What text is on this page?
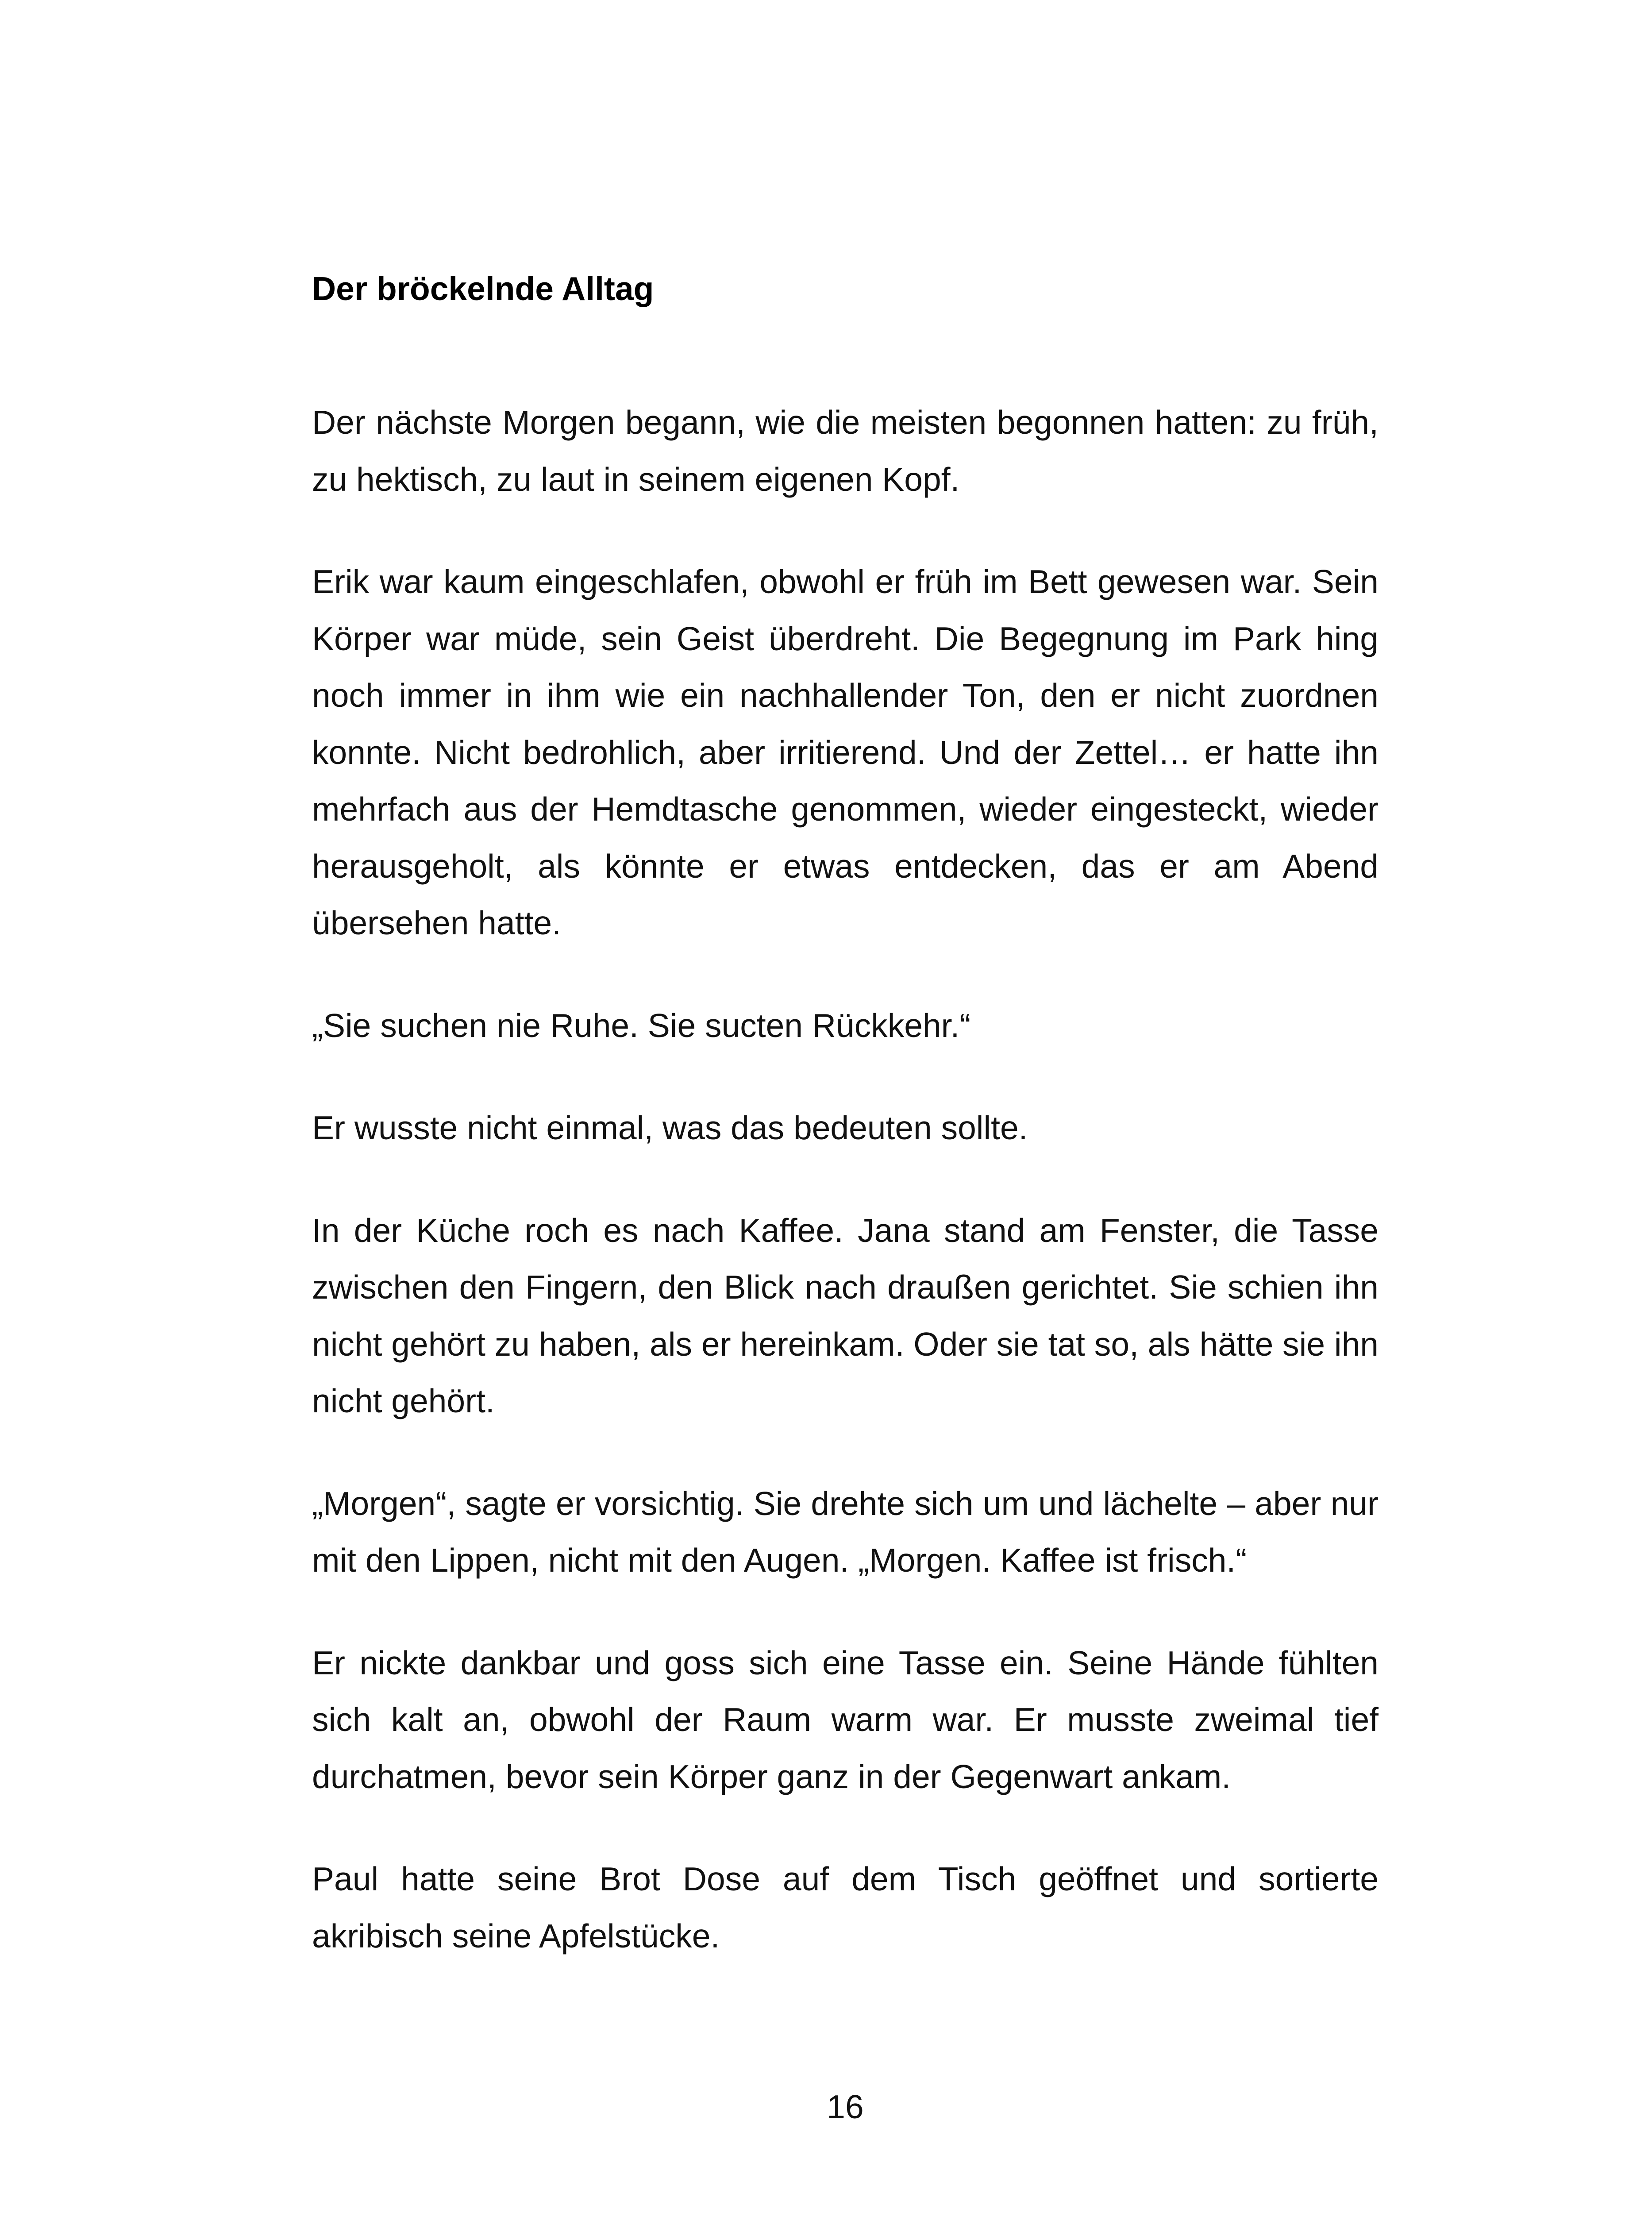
Der bröckelnde Alltag

Der nächste Morgen begann, wie die meisten begonnen hatten: zu früh, zu hektisch, zu laut in seinem eigenen Kopf.

Erik war kaum eingeschlafen, obwohl er früh im Bett gewesen war. Sein Körper war müde, sein Geist überdreht. Die Begegnung im Park hing noch immer in ihm wie ein nachhallender Ton, den er nicht zuordnen konnte. Nicht bedrohlich, aber irritierend. Und der Zettel… er hatte ihn mehrfach aus der Hemdtasche genommen, wieder eingesteckt, wieder herausgeholt, als könnte er etwas entdecken, das er am Abend übersehen hatte.

„Sie suchen nie Ruhe. Sie sucten Rückkehr.“

Er wusste nicht einmal, was das bedeuten sollte.

In der Küche roch es nach Kaffee. Jana stand am Fenster, die Tasse zwischen den Fingern, den Blick nach draußen gerichtet. Sie schien ihn nicht gehört zu haben, als er hereinkam. Oder sie tat so, als hätte sie ihn nicht gehört.

„Morgen“, sagte er vorsichtig. Sie drehte sich um und lächelte – aber nur mit den Lippen, nicht mit den Augen. „Morgen. Kaffee ist frisch.“

Er nickte dankbar und goss sich eine Tasse ein. Seine Hände fühlten sich kalt an, obwohl der Raum warm war. Er musste zweimal tief durchatmen, bevor sein Körper ganz in der Gegenwart ankam.

Paul hatte seine Brot Dose auf dem Tisch geöffnet und sortierte akribisch seine Apfelstücke.

16
